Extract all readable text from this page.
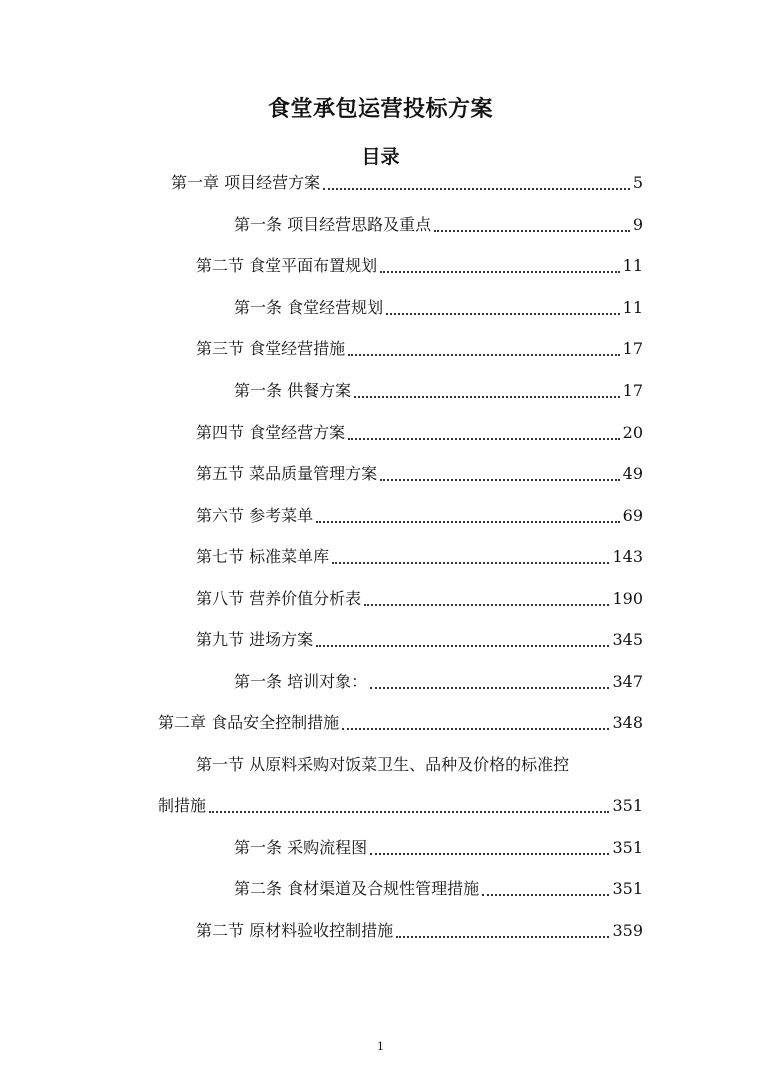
食堂承包运营投标方案
目录
第一章 项目经营方案	5
第一条 项目经营思路及重点	9
第二节 食堂平面布置规划	11
第一条 食堂经营规划	11
第三节 食堂经营措施	17
第一条 供餐方案	17
第四节 食堂经营方案	20
第五节 菜品质量管理方案	49
第六节 参考菜单	69
第七节 标准菜单库	143
第八节 营养价值分析表	190
第九节 进场方案	345
第一条 培训对象：	347
第二章 食品安全控制措施	348
第一节 从原料采购对饭菜卫生、品种及价格的标准控
制措施	351
第一条 采购流程图	351
第二条 食材渠道及合规性管理措施	351
第二节 原材料验收控制措施	359
1
